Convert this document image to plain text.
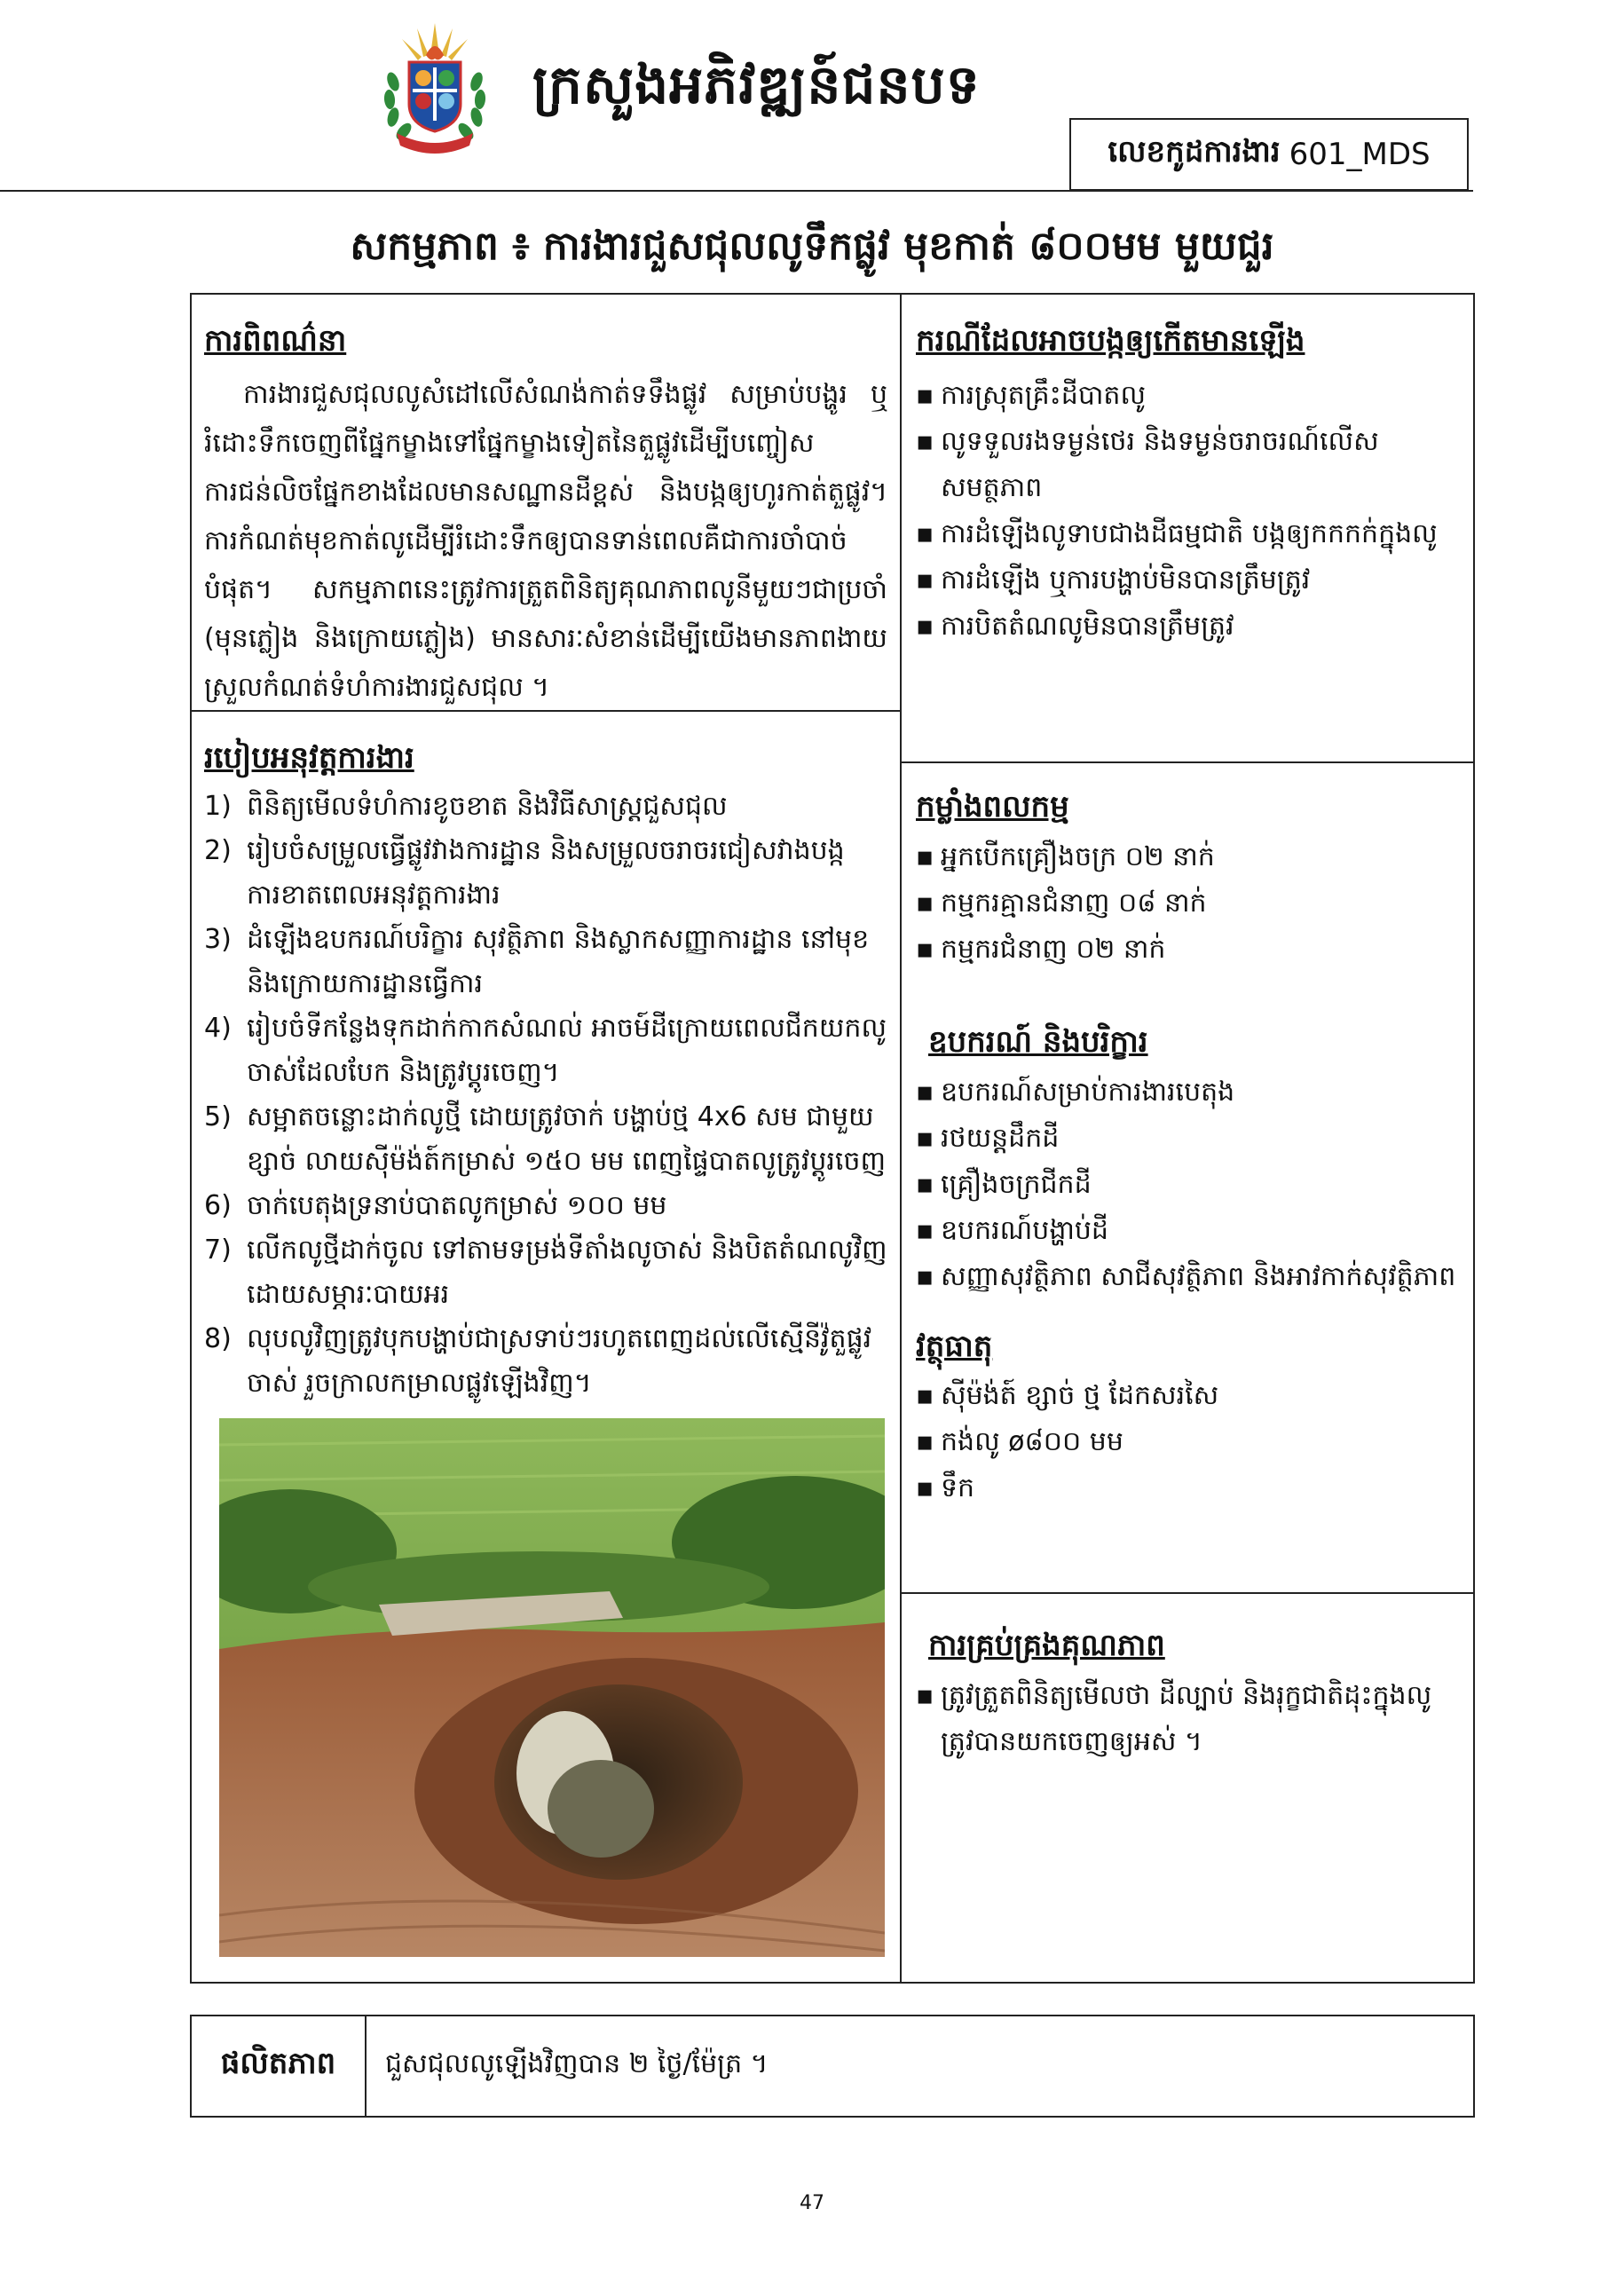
ក្រសួងអភិវឌ្ឍន៍ជនបទ
លេខកូដការងារ 601_MDS
សកម្មភាព ៖ ការងារជួសជុលលូទឹកផ្លូវ មុខកាត់ ៨០០មម មួយជួរ
ការពិពណ៌នា
ការងារជួសជុលលូសំដៅលើសំណង់កាត់ទទឹងផ្លូវ សម្រាប់បង្ហូរ ឬរំដោះទឹកចេញពីផ្នែកម្ខាងទៅផ្នែកម្ខាងទៀតនៃតួផ្លូវដើម្បីបញ្ចៀសការជន់លិចផ្នែកខាងដែលមានសណ្ឋានដីខ្ពស់ និងបង្កឲ្យហូរកាត់តួផ្លូវ។ ការកំណត់មុខកាត់លូដើម្បីរំដោះទឹកឲ្យបានទាន់ពេលគឺជាការចាំបាច់បំផុត។ សកម្មភាពនេះត្រូវការត្រួតពិនិត្យគុណភាពលូនីមួយៗជាប្រចាំ (មុនភ្លៀង និងក្រោយភ្លៀង) មានសារៈសំខាន់ដើម្បីយើងមានភាពងាយស្រួលកំណត់ទំហំការងារជួសជុល ។
ករណីដែលអាចបង្កឲ្យកើតមានឡើង
▪ ការស្រុតគ្រឹះដីបាតលូ
▪ លូទទួលរងទម្ងន់ថេរ និងទម្ងន់ចរាចរណ៍លើសសមត្ថភាព
▪ ការដំឡើងលូទាបជាងដីធម្មជាតិ បង្កឲ្យកកកក់ក្នុងលូ
▪ ការដំឡើង ឬការបង្ហាប់មិនបានត្រឹមត្រូវ
▪ ការបិតតំណលូមិនបានត្រឹមត្រូវ
របៀបអនុវត្តការងារ
1) ពិនិត្យមើលទំហំការខូចខាត និងវិធីសាស្ត្រជួសជុល
2) រៀបចំសម្រួលធ្វើផ្លូវវាងការដ្ឋាន និងសម្រួលចរាចរជៀសវាងបង្កការខាតពេលអនុវត្តការងារ
3) ដំឡើងឧបករណ៍បរិក្ខារ សុវត្ថិភាព និងស្លាកសញ្ញាការដ្ឋាន នៅមុខនិងក្រោយការដ្ឋានធ្វើការ
4) រៀបចំទីកន្លែងទុកដាក់កាកសំណល់ អាចម៍ដីក្រោយពេលជីកយកលូចាស់ដែលបែក និងត្រូវប្តូរចេញ។
5) សម្អាតចន្លោះដាក់លូថ្មី ដោយត្រូវចាក់ បង្ហាប់ថ្ម 4x6 សម ជាមួយខ្សាច់ លាយស៊ីម៉ង់ត៍កម្រាស់ ១៥០ មម ពេញផ្ទៃបាតលូត្រូវប្តូរចេញ
6) ចាក់បេតុងទ្រនាប់បាតលូកម្រាស់ ១០០ មម
7) លើកលូថ្មីដាក់ចូល ទៅតាមទម្រង់ទីតាំងលូចាស់ និងបិតតំណលូវិញដោយសម្ភារៈបាយអរ
8) លុបលូវិញត្រូវបុកបង្ហាប់ជាស្រទាប់ៗរហូតពេញដល់លើស្មើនីវ៉ូតួផ្លូវចាស់ រួចក្រាលកម្រាលផ្លូវឡើងវិញ។
កម្លាំងពលកម្ម
▪ អ្នកបើកគ្រឿងចក្រ ០២ នាក់
▪ កម្មករគ្មានជំនាញ ០៨ នាក់
▪ កម្មករជំនាញ ០២ នាក់
ឧបករណ៍ និងបរិក្ខារ
▪ ឧបករណ៍សម្រាប់ការងារបេតុង
▪ រថយន្តដឹកដី
▪ គ្រឿងចក្រជីកដី
▪ ឧបករណ៍បង្ហាប់ដី
▪ សញ្ញាសុវត្ថិភាព សាជីសុវត្ថិភាព និងអាវកាក់សុវត្ថិភាព
វត្ថុធាតុ
▪ ស៊ីម៉ង់ត៍ ខ្សាច់ ថ្ម ដែកសរសៃ
▪ កង់លូ ø៨០០ មម
▪ ទឹក
ការគ្រប់គ្រងគុណភាព
▪ ត្រូវត្រួតពិនិត្យមើលថា ដីល្បាប់ និងរុក្ខជាតិដុះក្នុងលូត្រូវបានយកចេញឲ្យអស់ ។
ផលិតភាព	ជួសជុលលូឡើងវិញបាន ២ ថ្ងៃ/ម៉ែត្រ ។
47
